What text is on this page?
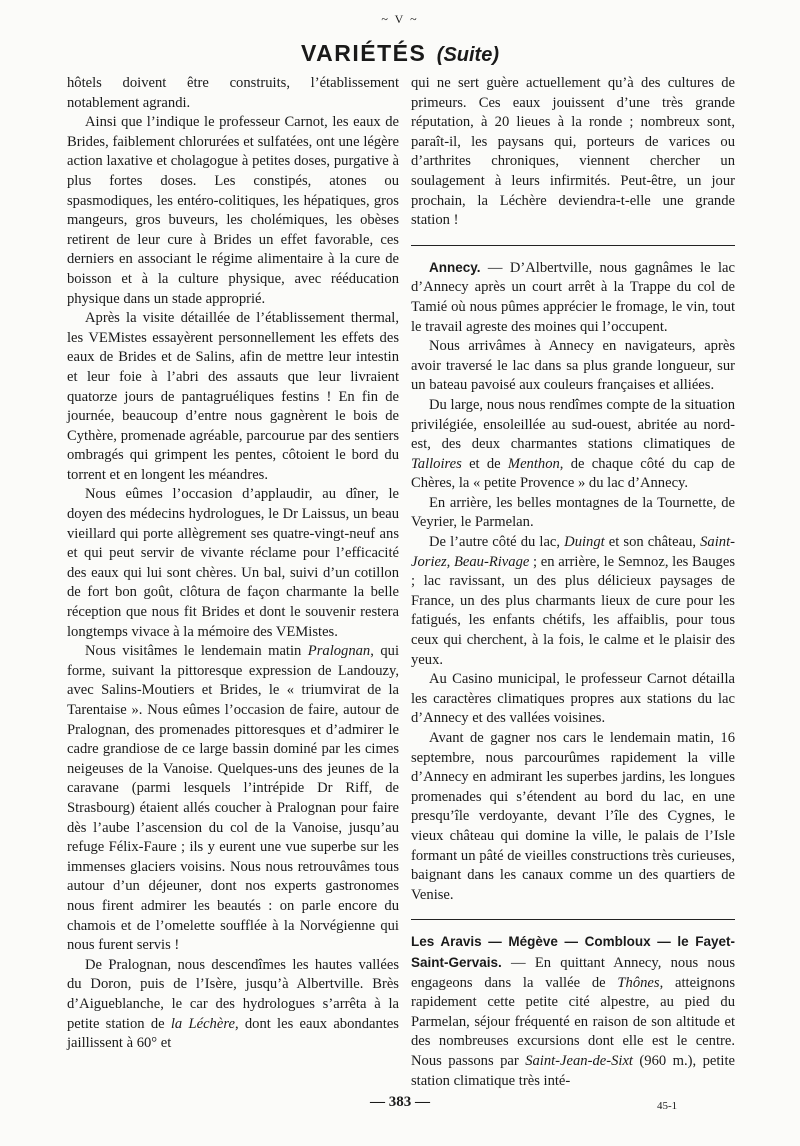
~ V ~
VARIÉTÉS (Suite)

hôtels doivent être construits, l’établissement notablement agrandi.

Ainsi que l’indique le professeur Carnot, les eaux de Brides, faiblement chlorurées et sulfatées, ont une légère action laxative et cholagogue à petites doses, purgative à plus fortes doses. Les constipés, atones ou spasmodiques, les entéro-colitiques, les hépatiques, gros mangeurs, gros buveurs, les cholémiques, les obèses retirent de leur cure à Brides un effet favorable, ces derniers en associant le régime alimentaire à la cure de boisson et à la culture physique, avec rééducation physique dans un stade approprié.

Après la visite détaillée de l’établissement thermal, les VEMistes essayèrent personnellement les effets des eaux de Brides et de Salins, afin de mettre leur intestin et leur foie à l’abri des assauts que leur livraient quatorze jours de pantagruéliques festins ! En fin de journée, beaucoup d’entre nous gagnèrent le bois de Cythère, promenade agréable, parcourue par des sentiers ombragés qui grimpent les pentes, côtoient le bord du torrent et en longent les méandres.

Nous eûmes l’occasion d’applaudir, au dîner, le doyen des médecins hydrologues, le Dr Laissus, un beau vieillard qui porte allègrement ses quatre-vingt-neuf ans et qui peut servir de vivante réclame pour l’efficacité des eaux qui lui sont chères. Un bal, suivi d’un cotillon de fort bon goût, clôtura de façon charmante la belle réception que nous fit Brides et dont le souvenir restera longtemps vivace à la mémoire des VEMistes.

Nous visitâmes le lendemain matin Pralognan, qui forme, suivant la pittoresque expression de Landouzy, avec Salins-Moutiers et Brides, le « triumvirat de la Tarentaise ». Nous eûmes l’occasion de faire, autour de Pralognan, des promenades pittoresques et d’admirer le cadre grandiose de ce large bassin dominé par les cimes neigeuses de la Vanoise. Quelques-uns des jeunes de la caravane (parmi lesquels l’intrépide Dr Riff, de Strasbourg) étaient allés coucher à Pralognan pour faire dès l’aube l’ascension du col de la Vanoise, jusqu’au refuge Félix-Faure ; ils y eurent une vue superbe sur les immenses glaciers voisins. Nous nous retrouvâmes tous autour d’un déjeuner, dont nos experts gastronomes nous firent admirer les beautés : on parle encore du chamois et de l’omelette soufflée à la Norvégienne qui nous furent servis !

De Pralognan, nous descendîmes les hautes vallées du Doron, puis de l’Isère, jusqu’à Albertville. Brès d’Aigueblanche, le car des hydrologues s’arrêta à la petite station de la Léchère, dont les eaux abondantes jaillissent à 60° et

qui ne sert guère actuellement qu’à des cultures de primeurs. Ces eaux jouissent d’une très grande réputation, à 20 lieues à la ronde ; nombreux sont, paraît-il, les paysans qui, porteurs de varices ou d’arthrites chroniques, viennent chercher un soulagement à leurs infirmités. Peut-être, un jour prochain, la Léchère deviendra-t-elle une grande station !

Annecy. — D’Albertville, nous gagnâmes le lac d’Annecy après un court arrêt à la Trappe du col de Tamié où nous pûmes apprécier le fromage, le vin, tout le travail agreste des moines qui l’occupent.

Nous arrivâmes à Annecy en navigateurs, après avoir traversé le lac dans sa plus grande longueur, sur un bateau pavoisé aux couleurs françaises et alliées.

Du large, nous nous rendîmes compte de la situation privilégiée, ensoleillée au sud-ouest, abritée au nord-est, des deux charmantes stations climatiques de Talloires et de Menthon, de chaque côté du cap de Chères, la « petite Provence » du lac d’Annecy.

En arrière, les belles montagnes de la Tournette, de Veyrier, le Parmelan.

De l’autre côté du lac, Duingt et son château, Saint-Joriez, Beau-Rivage ; en arrière, le Semnoz, les Bauges ; lac ravissant, un des plus délicieux paysages de France, un des plus charmants lieux de cure pour les fatigués, les enfants chétifs, les affaiblis, pour tous ceux qui cherchent, à la fois, le calme et le plaisir des yeux.

Au Casino municipal, le professeur Carnot détailla les caractères climatiques propres aux stations du lac d’Annecy et des vallées voisines.

Avant de gagner nos cars le lendemain matin, 16 septembre, nous parcourûmes rapidement la ville d’Annecy en admirant les superbes jardins, les longues promenades qui s’étendent au bord du lac, en une presqu’île verdoyante, devant l’île des Cygnes, le vieux château qui domine la ville, le palais de l’Isle formant un pâté de vieilles constructions très curieuses, baignant dans les canaux comme un des quartiers de Venise.

Les Aravis — Mégève — Combloux — le Fayet-Saint-Gervais. — En quittant Annecy, nous nous engageons dans la vallée de Thônes, atteignons rapidement cette petite cité alpestre, au pied du Parmelan, séjour fréquenté en raison de son altitude et des nombreuses excursions dont elle est le centre. Nous passons par Saint-Jean-de-Sixt (960 m.), petite station climatique très inté-

— 383 —	45-1
